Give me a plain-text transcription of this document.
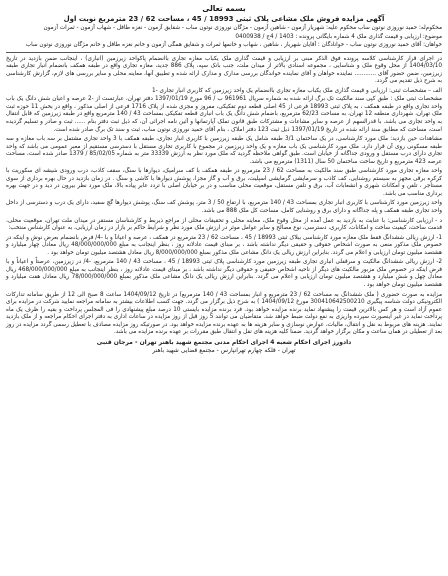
بسمه تعالی
آگهی مزایده فروش ملک مشاعی پلاک ثبتی 18993 / 45 ، مساحت 62 / 23 مترمربع نوبت اول

محکوم‌له: حمید نوروزی نوتون ساب محکوم علیه: شهریار آزمون - شاهین آزمون - مژگان نوروزی نوتون ساب - شقایق آزمون - نغزه طافل - شهاب آزمون - ثمرات آزمون

موضوع: ارزیابی و قیمت گذاری ملک 4 شماره بایگانی پرونده : 1403 / 4ج / 0400938

خواهان: آقای حمید نوروزی نوتون ساب - خوانادگان : آقایان شهریار ، شاهین ، شهاب و خانمها ثمرات و شقایق همگی آزمون و خانم نغزه طافل و خانم مژگان نوروزی نوتون ساب

در اجرای قرار کارشناسی کلاسه پرونده فوق الذکر مبنی بر ارزیابی و قیمت گذاری ملک یکباب مغازه تجاری باانضمام پاکواحد زیرزمین (انباری) ، اینجانب ضمن بازدید در تاریخ 1404/03/10 از محل وقوع ملک و شناسایی ، مجموعه اسنادی بالاتر از میدان ملت، جنب بانک سپه، پلاک 886 جدید، مغازه تجاری واقع در طبقه همکف بانضمام انبار تجاری طبقه زیرزمین، ضمن حضور آقای ............ نماینده خواهان و آقای نماینده خواندگان بررسی مدارک و مدارک ارائه شده و تطبیق آنها، معاینه محلی و سایر بررسی های لازم، گزارش کارشناسی به شرح ذیل تقدیم می گردد.

الف – مشخصات ثبتی: ارزیابی و قیمت گذاری ملک یکباب مغازه تجاری باانضمام یک واحد زیرزمین که کاربری انبار تجاری -1

مشخصات ثبتی ملک : طبق کپی سند مالکیت تک برگ ارائه شده به شماره سریال 961961 ب / 96 مورخ 1397/01/19 دفتر تهران، عبارتست از -2 عرصه و اعیان شش دانگ یک باب واحد تجاری واقع در طبقه همکف ، به پلاک ثبتی 18993 فرعی از 45 اصلی قطعه دوم تفکیکی، مفروز و مجزی شده از پلاک 1716 فرعی از اصلی مذکور ، واقع در بخش 11 حوزه ثبت ملک تهران، شهرداری منطقه 12 تهران، به مساحت 62/23 مترمربع، باضمام شش دانگ یک باب انباری قطعه تفکیکی بمساحت 43 / 140 مترمربع واقع در طبقه زیرزمین که قابل انتقال به واحد تجاری می باشد. با قدرالسهم از عرصه و سایر مشاعات و مشترکات طبق قانون تملک آپارتمانها و آئین نامه اجرائی آن، که ذیل ثبت دفتر بنام ...... ثبت و صادر و تسلیم گردیده است، مساحت که مطابق سند ارائه شده در تاریخ 1397/01/19 ذیل ثبت 123 دفتر املاک ، بنام آقای حمید نوروزی نوتون ساب، ثبت و سند تک برگ صادر شده است.

مشاهدات حین بازدید: ملک مورد کارشناسی، در یک ساختمان 3/1 طبقه شامل یک طبقه زیرزمین با کاربری انبار تجاری، طبقه همکف با 3 واحد تجاری مشتمل بر سه باب مغازه و سه طبقه مسکونی روی آن قرار دارد. ملک مورد کارشناسی یک باب مغازه و یک واحد زیرزمین در مجموع با کاربری تجاری مستقل با دسترسی مستقیم از معبر عمومی می باشد که واحد تجاری دارای درب مستقل و ورودی جداگانه از خیابان است. طبق گواهی ملاحظه گردید که ملک مورد نظر به ارزش 33339 متر به شماره 85/02/05 / 1379 صادر شده است، مساحت عرصه 423 مترمربع و تاریخ ساخت ساختمان 50 سال (1311) مترمربع می باشد.

واحد مغازه تجاری مورد کارشناسی طبق سند مالکیت به مساحت 62 / 23 مترمربع در طبقه همکف با کف سرامیک، دیوارها با سنگ، سقف کاذب، درب ورودی شیشه ای سکوریت با کرکره برقی مجهز به سیستم روشنایی، کف کاذب و سرمایشی گرمایشی اسپلیت، برق و آب و گاز مجزا، پوشش دیوارها با کاشی و سنگ . در زمان بازدید در حال بهره برداری از سوی مستاجر ، تلفن و امکانات شهری و انشعابات آب، برق و تلفن مستقل، موقعیت محلی مناسب و در بر خیابان اصلی با تردد عابر پیاده بالا، ملک مورد نظر بیرون در دید و در جهت بهره برداری مناسب می باشد.

واحد زیرزمین مورد کارشناسی با کاربری انبار تجاری بمساحت 43 / 140 مترمربع، با ارتفاع 50 / 3 متر، پوشش کف سنگ، پوشش دیوارها گچ سفید، دارای یک درب و دسترسی از داخل واحد تجاری طبقه همکف و پله جداگانه و دارای برق و روشنایی کامل، مساحت کل ملک 888 می باشد.

د - ارزیابی کارشناسی: با عنایت به بازدید به عمل آمده از محل وقوع ملک، معاینه محلی و تحقیقات محلی از مراجع ذیربط و کارشناسان مستقر در میدان ملت تهران، موقعیت محلی، قدمت ساخت، کیفیت ساخت و امکانات، کاربری، دسترسی، نوع مصالح و سایر عوامل موثر در ارزش ملک مورد نظر و شرایط حاکم بر بازار در زمان ارزیابی، به عنوان کارشناس منتخب:

1- ارزش ریالی ششدانگ فقط ملک مغازه مورد کارشناسی ببلاک ثبتی 18993 / 45 ، مساحت 62 / 23 مترمربع در همکف ، عرصه و اعیانآ و با -4/ فرض بانضمام بعرض نوش و اینکه در خصوص ملک مذکور منعی به صورت اشخاص حقوقی و حقیقی دیگر نداشته باشد ، بر مبنای قیمت عادلانه روز ، بنظر اینجانب به مبلغ 48/000/000/000 ریال معادل چهار میلیارد و هشتصد میلیون تومان ارزیابی و اعلام می گردد. بنابراین ارزش ریالی یک دانگ مشاعی ملک مذکور بمبلغ 8/000/000/000 ریال معادل هشتصد میلیون تومان خواهد بود .

2- ارزش ریالی ششدانگ مالکیت و سرقفلی انباری تجاری طبقه زیرزمین مورد کارشناسی پلاک ثبتی 18993 / 45 ، مساحت 43 / 140 مترمربع، -4/ در زیرزمین، عرصتاً و اعیاناً و با فرض اینکه در خصوص ملک مزبور مالکیت های دیگر از ناحیه اشخاص حقیقی و حقوقی دیگر نداشته باشد ، بر مبنای قیمت عادلانه روز ، بنظر اینجانب به مبلغ 468/000/000/000 ریال معادل چهل و شش میلیارد و هشتصد میلیون تومان ارزیابی و اعلام می گردد. بنابراین ارزش ریالی یک دانگ مشاعی ملک مذکور بمبلغ 78/000/000/000 ریال معادل هفت میلیارد و هشتصد میلیون تومان خواهد بود .

مزایده به صورت حضوری ( ملک ششدانگ به مساحت 62 / 23 مترمربع و انبار بمساحت 43 / 140 مترمربع) در تاریخ 1404/09/12 ساعت 8 صبح الی 12 از طریق سامانه تدارکات الکترونیکی دولت شناسه پیگیری 300410642500210 مورخ 1404/09/12 ) به شرح ذیل برگزار می گردد. جهت کسب اطلاعات بیشتر به سامانه مراجعه نمایید شرکت در مزایده برای عموم آزاد است و هر کس بالاترین قیمت را پیشنهاد نماید برنده مزایده خواهد بود. فرد برنده مزایده بایستی 10 درصد مبلغ پیشنهادی را فی المجلس پرداخت و بقیه را ظرف یک ماه پرداخت نماید در غیر اینصورت سپرده واریزی به نفع دولت ضبط خواهد شد. متقاضیان می توانند 5 روز قبل از روز مزایده در ساعات اداری به دفتر اجرای احکام مراجعه و از ملک بازدید نمایند. هزینه های مربوط به نقل و انتقال، مالیات، عوارض نوسازی و سایر هزینه ها به عهده برنده مزایده خواهد بود. در صورتیکه روز مزایده مصادف با تعطیل رسمی گردد مزایده در روز بعد از تعطیلی در همان ساعت و مکان برگزار خواهد گردید. ضمنا کلیه هزینه های نقل و انتقال طبق مقررات بر عهده برنده مزایده می باشد.

دادورز اجرای احکام شعبه 4 اجرای احکام مدنی مجتمع شهید باهنر تهران - مرجان قنبی

تهران - قلکه چهارم تهرانپارس - مجتمع قضایی شهید باهنر
